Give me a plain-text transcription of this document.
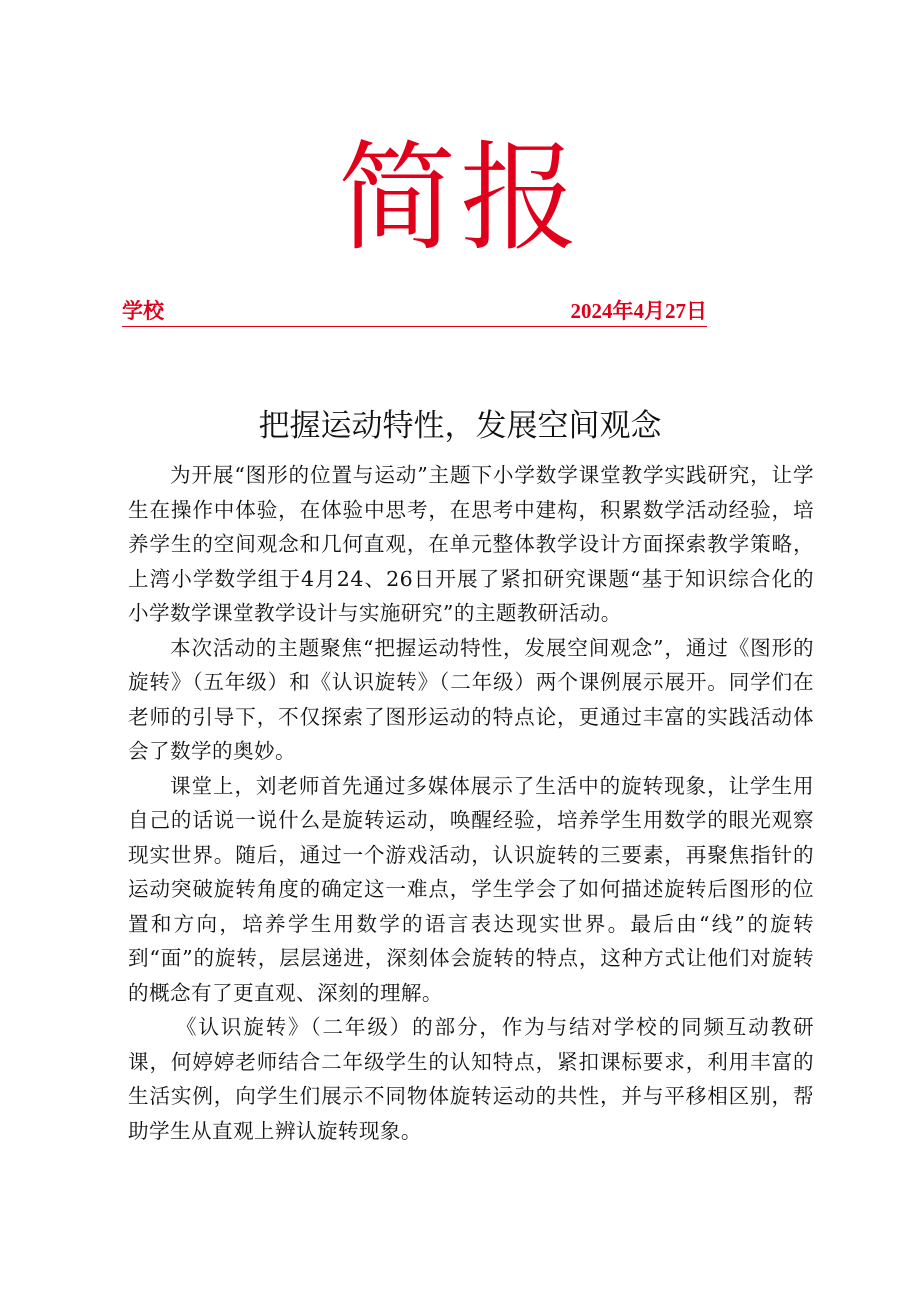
简报
学校	2024年4月27日
把握运动特性，发展空间观念

为开展“图形的位置与运动”主题下小学数学课堂教学实践研究，让学生在操作中体验，在体验中思考，在思考中建构，积累数学活动经验，培养学生的空间观念和几何直观，在单元整体教学设计方面探索教学策略，上湾小学数学组于4月24、26日开展了紧扣研究课题“基于知识综合化的小学数学课堂教学设计与实施研究”的主题教研活动。

本次活动的主题聚焦“把握运动特性，发展空间观念”，通过《图形的旋转》（五年级）和《认识旋转》（二年级）两个课例展示展开。同学们在老师的引导下，不仅探索了图形运动的特点论，更通过丰富的实践活动体会了数学的奥妙。

课堂上，刘老师首先通过多媒体展示了生活中的旋转现象，让学生用自己的话说一说什么是旋转运动，唤醒经验，培养学生用数学的眼光观察现实世界。随后，通过一个游戏活动，认识旋转的三要素，再聚焦指针的运动突破旋转角度的确定这一难点，学生学会了如何描述旋转后图形的位置和方向，培养学生用数学的语言表达现实世界。最后由“线”的旋转到“面”的旋转，层层递进，深刻体会旋转的特点，这种方式让他们对旋转的概念有了更直观、深刻的理解。

《认识旋转》（二年级）的部分，作为与结对学校的同频互动教研课，何婷婷老师结合二年级学生的认知特点，紧扣课标要求，利用丰富的生活实例，向学生们展示不同物体旋转运动的共性，并与平移相区别，帮助学生从直观上辨认旋转现象。
